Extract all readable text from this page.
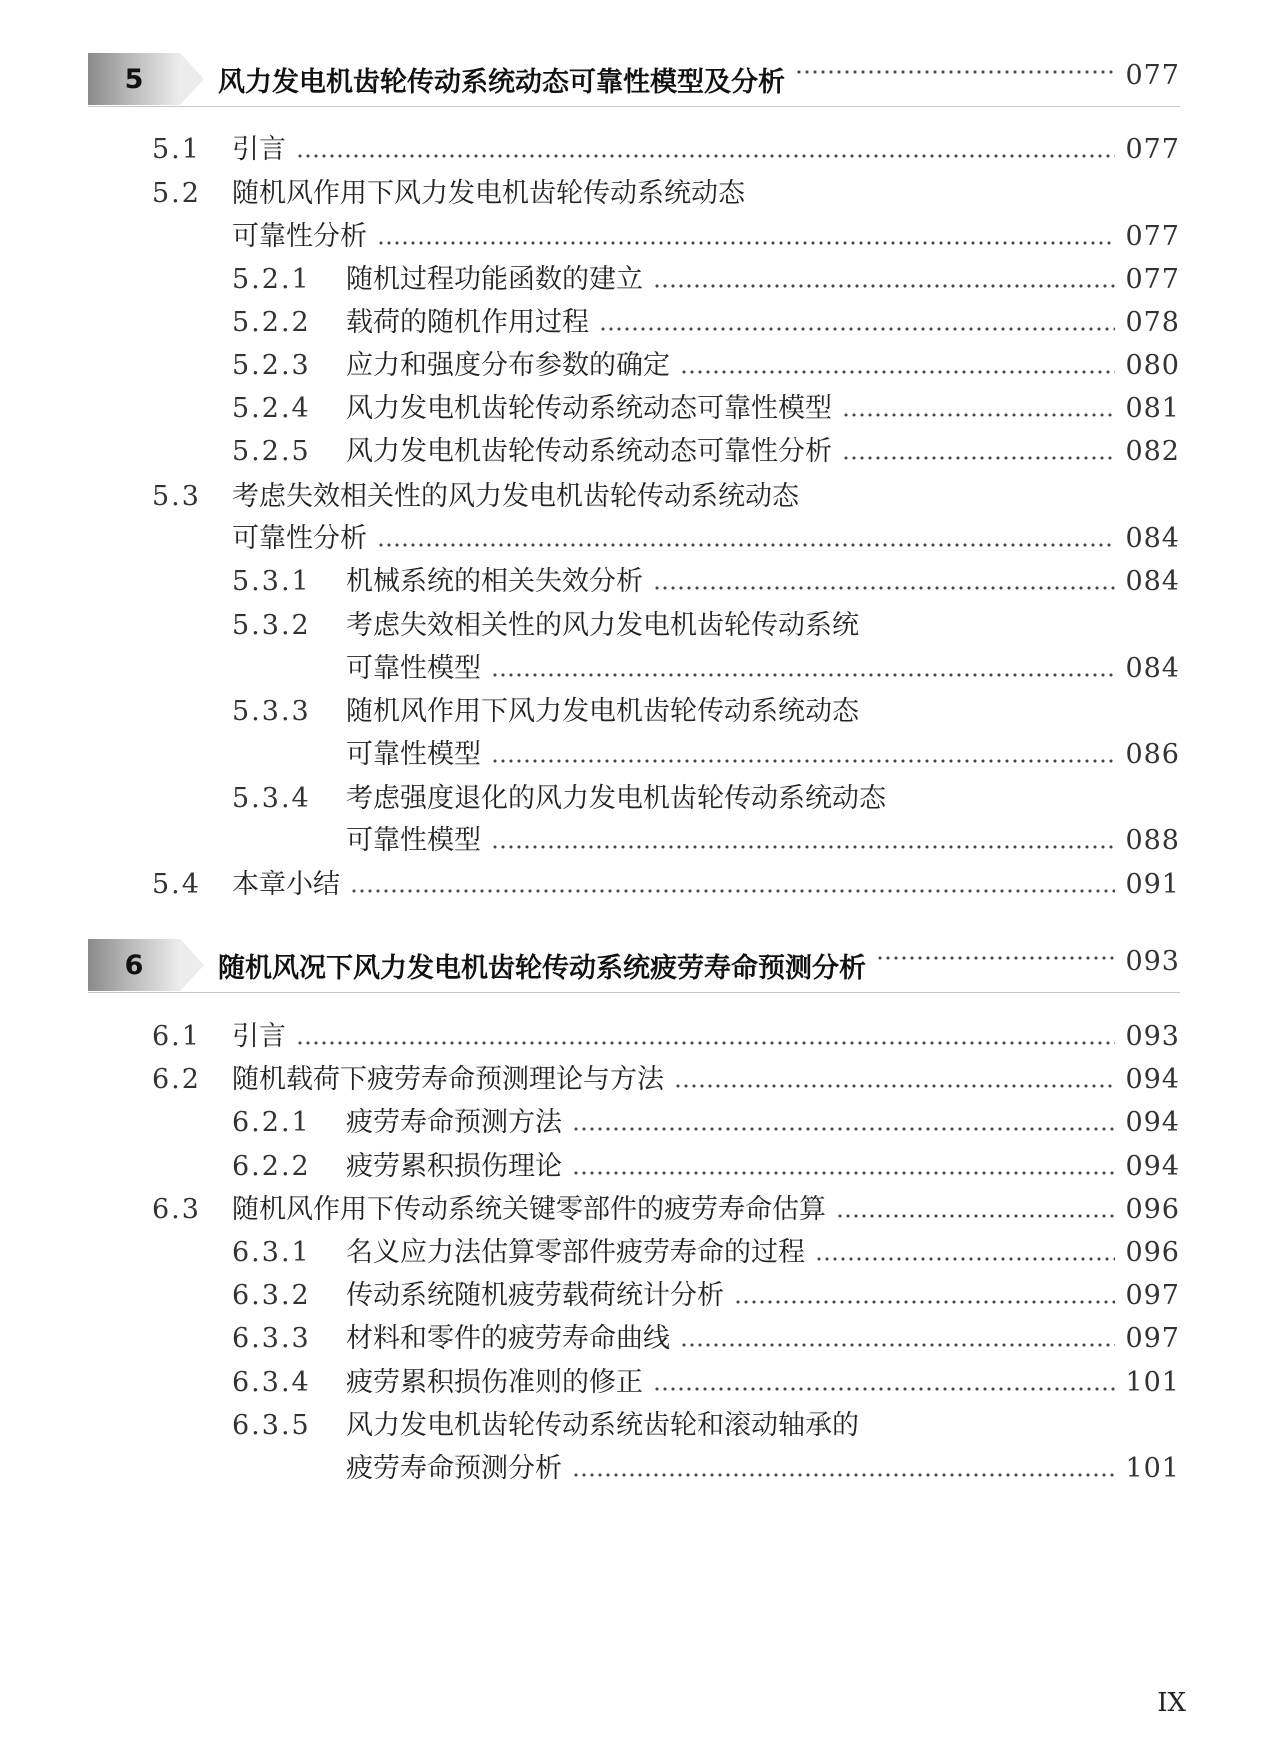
5	风力发电机齿轮传动系统动态可靠性模型及分析	077
5.1	引言	077
5.2	随机风作用下风力发电机齿轮传动系统动态
可靠性分析	077
5.2.1	随机过程功能函数的建立	077
5.2.2	载荷的随机作用过程	078
5.2.3	应力和强度分布参数的确定	080
5.2.4	风力发电机齿轮传动系统动态可靠性模型	081
5.2.5	风力发电机齿轮传动系统动态可靠性分析	082
5.3	考虑失效相关性的风力发电机齿轮传动系统动态
可靠性分析	084
5.3.1	机械系统的相关失效分析	084
5.3.2	考虑失效相关性的风力发电机齿轮传动系统
可靠性模型	084
5.3.3	随机风作用下风力发电机齿轮传动系统动态
可靠性模型	086
5.3.4	考虑强度退化的风力发电机齿轮传动系统动态
可靠性模型	088
5.4	本章小结	091
6	随机风况下风力发电机齿轮传动系统疲劳寿命预测分析	093
6.1	引言	093
6.2	随机载荷下疲劳寿命预测理论与方法	094
6.2.1	疲劳寿命预测方法	094
6.2.2	疲劳累积损伤理论	094
6.3	随机风作用下传动系统关键零部件的疲劳寿命估算	096
6.3.1	名义应力法估算零部件疲劳寿命的过程	096
6.3.2	传动系统随机疲劳载荷统计分析	097
6.3.3	材料和零件的疲劳寿命曲线	097
6.3.4	疲劳累积损伤准则的修正	101
6.3.5	风力发电机齿轮传动系统齿轮和滚动轴承的
疲劳寿命预测分析	101
IX
